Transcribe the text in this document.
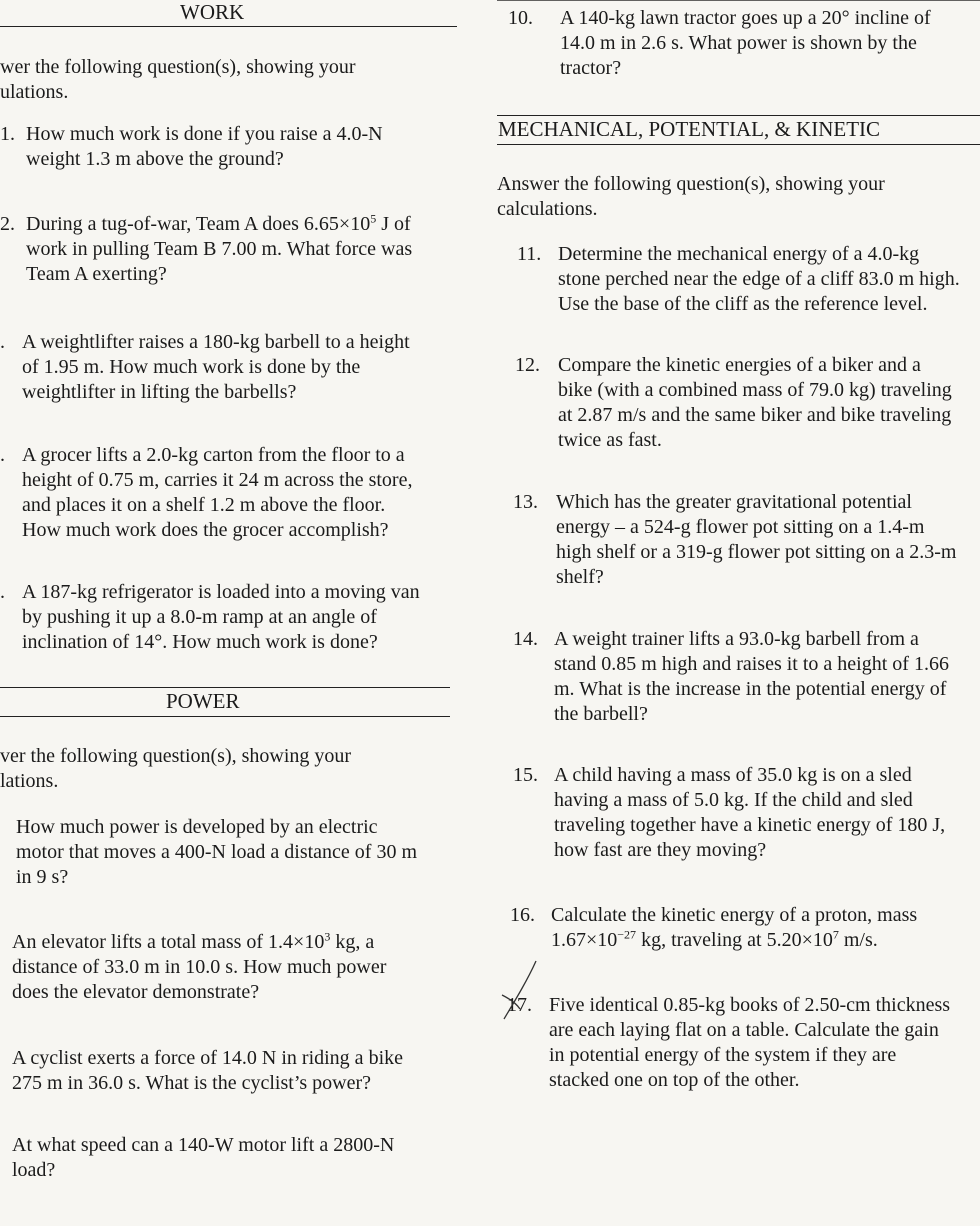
WORK
wer the following question(s), showing your
ulations.
1. How much work is done if you raise a 4.0-N
weight 1.3 m above the ground?
2. During a tug-of-war, Team A does $6.65\times 10^5$ J of
work in pulling Team B 7.00 m. What force was
Team A exerting?
. A weightlifter raises a 180-kg barbell to a height
of 1.95 m. How much work is done by the
weightlifter in lifting the barbells?
. A grocer lifts a 2.0-kg carton from the floor to a
height of 0.75 m, carries it 24 m across the store,
and places it on a shelf 1.2 m above the floor.
How much work does the grocer accomplish?
. A 187-kg refrigerator is loaded into a moving van
by pushing it up a 8.0-m ramp at an angle of
inclination of 14°. How much work is done?
POWER
ver the following question(s), showing your
lations.
How much power is developed by an electric
motor that moves a 400-N load a distance of 30 m
in 9 s?
An elevator lifts a total mass of $1.4\times 10^3$ kg, a
distance of 33.0 m in 10.0 s. How much power
does the elevator demonstrate?
A cyclist exerts a force of 14.0 N in riding a bike
275 m in 36.0 s. What is the cyclist’s power?
At what speed can a 140-W motor lift a 2800-N
load?
10. A 140-kg lawn tractor goes up a 20° incline of
14.0 m in 2.6 s. What power is shown by the
tractor?
MECHANICAL, POTENTIAL, & KINETIC
Answer the following question(s), showing your
calculations.
11. Determine the mechanical energy of a 4.0-kg
stone perched near the edge of a cliff 83.0 m high.
Use the base of the cliff as the reference level.
12. Compare the kinetic energies of a biker and a
bike (with a combined mass of 79.0 kg) traveling
at 2.87 m/s and the same biker and bike traveling
twice as fast.
13. Which has the greater gravitational potential
energy – a 524-g flower pot sitting on a 1.4-m
high shelf or a 319-g flower pot sitting on a 2.3-m
shelf?
14. A weight trainer lifts a 93.0-kg barbell from a
stand 0.85 m high and raises it to a height of 1.66
m. What is the increase in the potential energy of
the barbell?
15. A child having a mass of 35.0 kg is on a sled
having a mass of 5.0 kg. If the child and sled
traveling together have a kinetic energy of 180 J,
how fast are they moving?
16. Calculate the kinetic energy of a proton, mass
$1.67\times 10^{-27}$ kg, traveling at $5.20\times 10^7$ m/s.
17. Five identical 0.85-kg books of 2.50-cm thickness
are each laying flat on a table. Calculate the gain
in potential energy of the system if they are
stacked one on top of the other.
